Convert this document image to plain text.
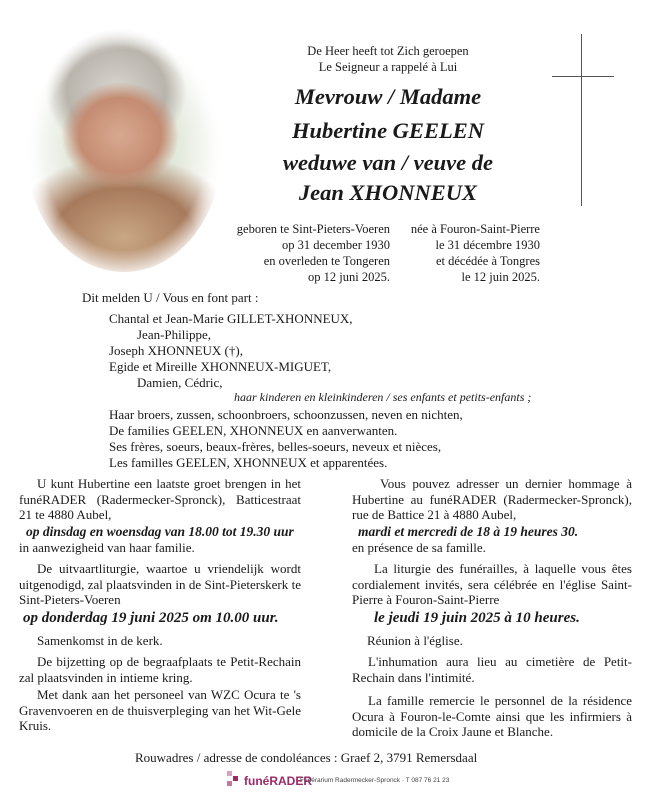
De Heer heeft tot Zich geroepen
Le Seigneur a rappelé à Lui
Mevrouw / Madame
Hubertine GEELEN
weduwe van / veuve de
Jean XHONNEUX
geboren te Sint-Pieters-Voeren
op 31 december 1930
en overleden te Tongeren
op 12 juni 2025.
née à Fouron-Saint-Pierre
le 31 décembre 1930
et décédée à Tongres
le 12 juin 2025.
Dit melden U / Vous en font part :
Chantal et Jean-Marie GILLET-XHONNEUX,
Jean-Philippe,
Joseph XHONNEUX (†),
Egide et Mireille XHONNEUX-MIGUET,
Damien, Cédric,
haar kinderen en kleinkinderen / ses enfants et petits-enfants ;
Haar broers, zussen, schoonbroers, schoonzussen, neven en nichten,
De families GEELEN, XHONNEUX en aanverwanten.
Ses frères, soeurs, beaux-frères, belles-soeurs, neveux et nièces,
Les familles GEELEN, XHONNEUX et apparentées.
U kunt Hubertine een laatste groet brengen in het funéRADER (Radermecker-Spronck), Batticestraat 21 te 4880 Aubel,
op dinsdag en woensdag van 18.00 tot 19.30 uur
in aanwezigheid van haar familie.
De uitvaartliturgie, waartoe u vriendelijk wordt uitgenodigd, zal plaatsvinden in de Sint-Pieterskerk te Sint-Pieters-Voeren
op donderdag 19 juni 2025 om 10.00 uur.
Samenkomst in de kerk.
De bijzetting op de begraafplaats te Petit-Rechain zal plaatsvinden in intieme kring.
Met dank aan het personeel van WZC Ocura te 's Gravenvoeren en de thuisverpleging van het Wit-Gele Kruis.
Vous pouvez adresser un dernier hommage à Hubertine au funéRADER (Radermecker-Spronck), rue de Battice 21 à 4880 Aubel,
mardi et mercredi de 18 à 19 heures 30.
en présence de sa famille.
La liturgie des funérailles, à laquelle vous êtes cordialement invités, sera célébrée en l'église Saint-Pierre à Fouron-Saint-Pierre
le jeudi 19 juin 2025 à 10 heures.
Réunion à l'église.
L'inhumation aura lieu au cimetière de Petit-Rechain dans l'intimité.
La famille remercie le personnel de la résidence Ocura à Fouron-le-Comte ainsi que les infirmiers à domicile de la Croix Jaune et Blanche.
Rouwadres / adresse de condoléances : Graef 2, 3791 Remersdaal
funéRADER
Funérarium Radermecker-Spronck · T 087 76 21 23
